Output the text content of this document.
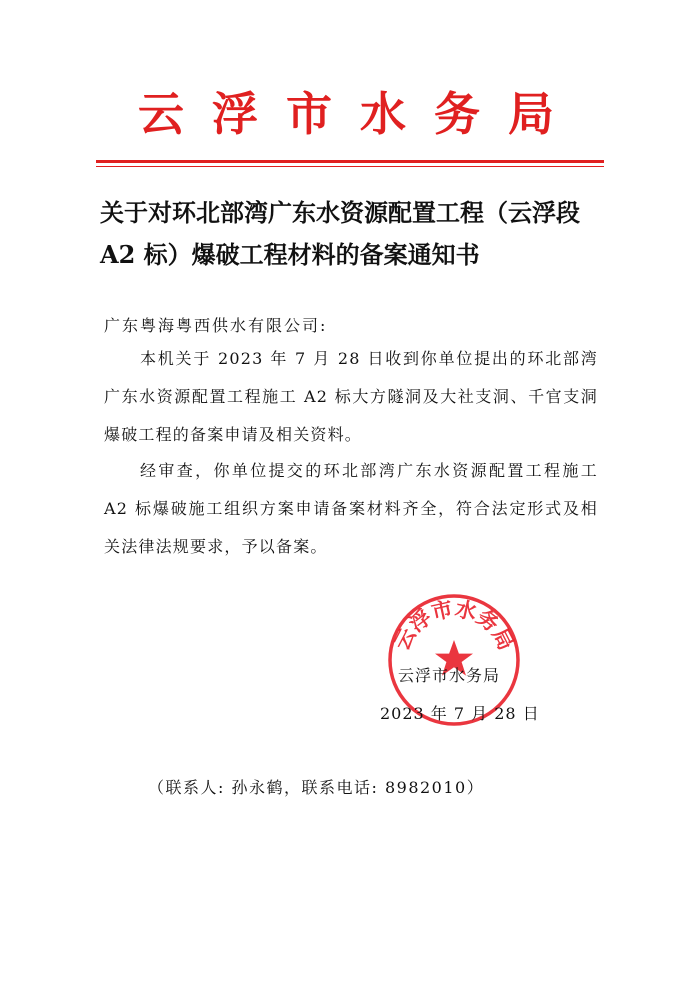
云浮市水务局
关于对环北部湾广东水资源配置工程（云浮段 A2 标）爆破工程材料的备案通知书
广东粤海粤西供水有限公司:
本机关于 2023 年 7 月 28 日收到你单位提出的环北部湾广东水资源配置工程施工 A2 标大方隧洞及大社支洞、千官支洞爆破工程的备案申请及相关资料。
经审查，你单位提交的环北部湾广东水资源配置工程施工 A2 标爆破施工组织方案申请备案材料齐全，符合法定形式及相关法律法规要求，予以备案。
云浮市水务局
云浮市水务局
2023 年 7 月 28 日
（联系人: 孙永鹤，联系电话: 8982010）
